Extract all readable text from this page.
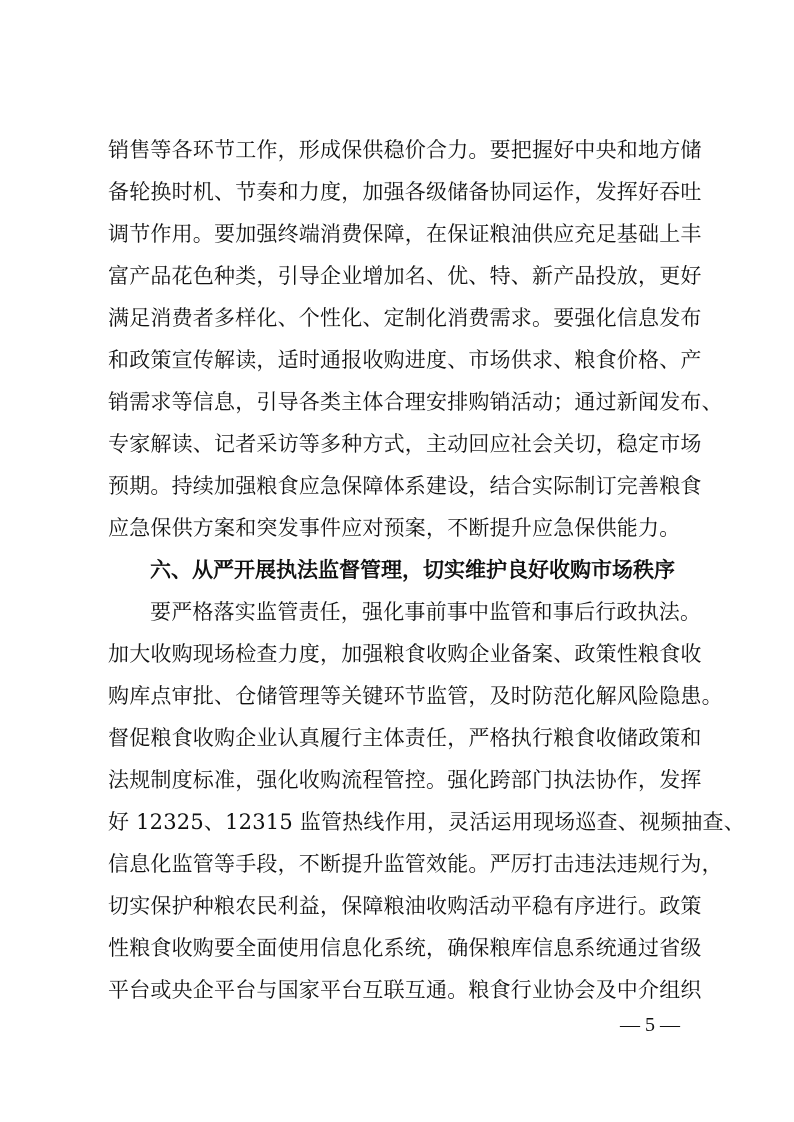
销售等各环节工作，形成保供稳价合力。要把握好中央和地方储
备轮换时机、节奏和力度，加强各级储备协同运作，发挥好吞吐
调节作用。要加强终端消费保障，在保证粮油供应充足基础上丰
富产品花色种类，引导企业增加名、优、特、新产品投放，更好
满足消费者多样化、个性化、定制化消费需求。要强化信息发布
和政策宣传解读，适时通报收购进度、市场供求、粮食价格、产
销需求等信息，引导各类主体合理安排购销活动；通过新闻发布、
专家解读、记者采访等多种方式，主动回应社会关切，稳定市场
预期。持续加强粮食应急保障体系建设，结合实际制订完善粮食
应急保供方案和突发事件应对预案，不断提升应急保供能力。
六、从严开展执法监督管理，切实维护良好收购市场秩序
要严格落实监管责任，强化事前事中监管和事后行政执法。
加大收购现场检查力度，加强粮食收购企业备案、政策性粮食收
购库点审批、仓储管理等关键环节监管，及时防范化解风险隐患。
督促粮食收购企业认真履行主体责任，严格执行粮食收储政策和
法规制度标准，强化收购流程管控。强化跨部门执法协作，发挥
好 12325、12315 监管热线作用，灵活运用现场巡查、视频抽查、
信息化监管等手段，不断提升监管效能。严厉打击违法违规行为，
切实保护种粮农民利益，保障粮油收购活动平稳有序进行。政策
性粮食收购要全面使用信息化系统，确保粮库信息系统通过省级
平台或央企平台与国家平台互联互通。粮食行业协会及中介组织
— 5 —
